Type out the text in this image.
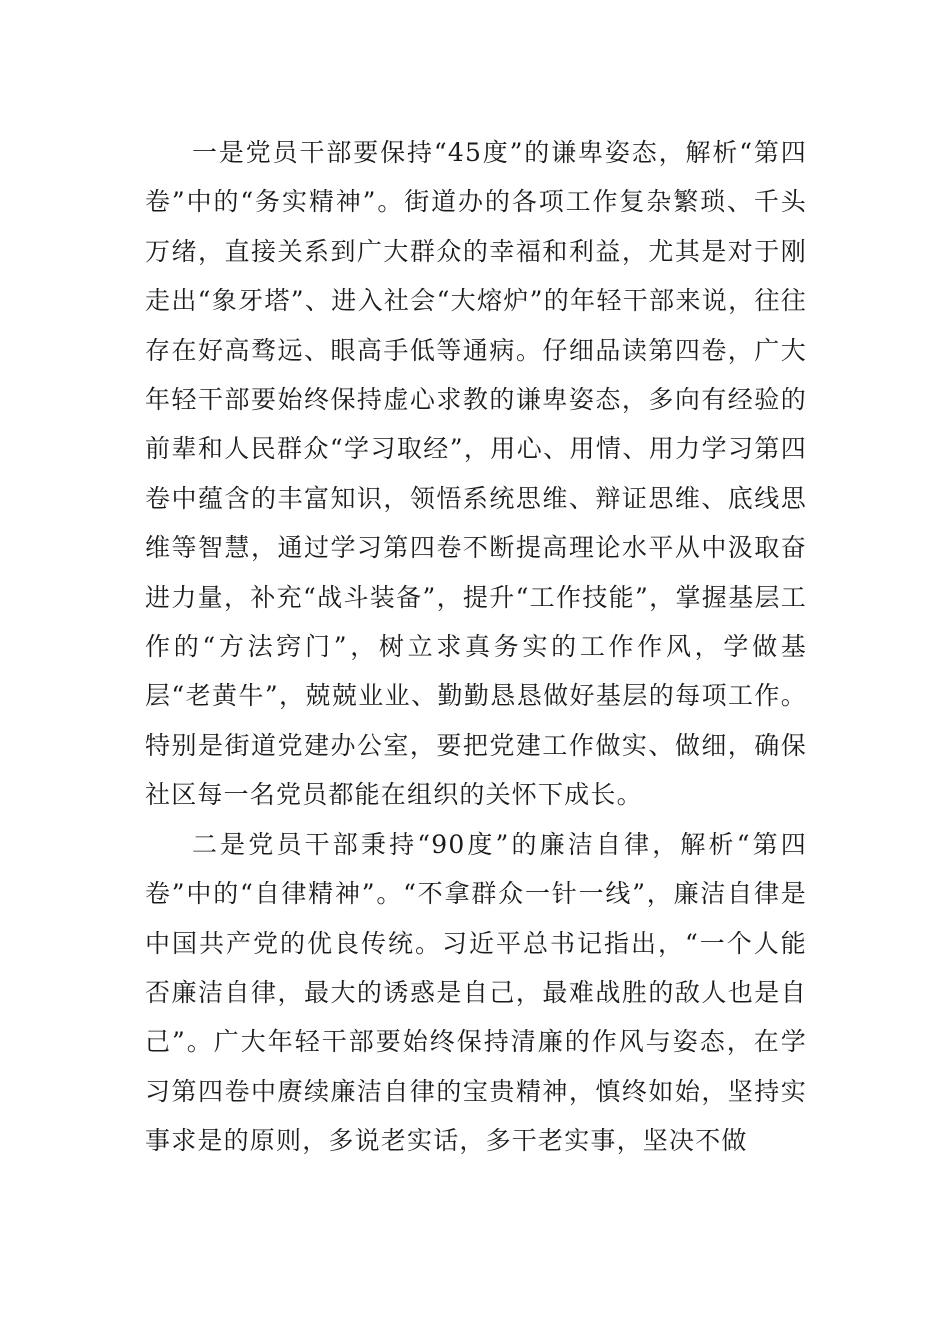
一是党员干部要保持“45度”的谦卑姿态，解析“第四卷”中的“务实精神”。街道办的各项工作复杂繁琐、千头万绪，直接关系到广大群众的幸福和利益，尤其是对于刚走出“象牙塔”、进入社会“大熔炉”的年轻干部来说，往往存在好高骛远、眼高手低等通病。仔细品读第四卷，广大年轻干部要始终保持虚心求教的谦卑姿态，多向有经验的前辈和人民群众“学习取经”，用心、用情、用力学习第四卷中蕴含的丰富知识，领悟系统思维、辩证思维、底线思维等智慧，通过学习第四卷不断提高理论水平从中汲取奋进力量，补充“战斗装备”，提升“工作技能”，掌握基层工作的“方法窍门”，树立求真务实的工作作风，学做基层“老黄牛”，兢兢业业、勤勤恳恳做好基层的每项工作。特别是街道党建办公室，要把党建工作做实、做细，确保社区每一名党员都能在组织的关怀下成长。

二是党员干部秉持“90度”的廉洁自律，解析“第四卷”中的“自律精神”。“不拿群众一针一线”，廉洁自律是中国共产党的优良传统。习近平总书记指出，“一个人能否廉洁自律，最大的诱惑是自己，最难战胜的敌人也是自己”。广大年轻干部要始终保持清廉的作风与姿态，在学习第四卷中赓续廉洁自律的宝贵精神，慎终如始，坚持实事求是的原则，多说老实话，多干老实事，坚决不做
